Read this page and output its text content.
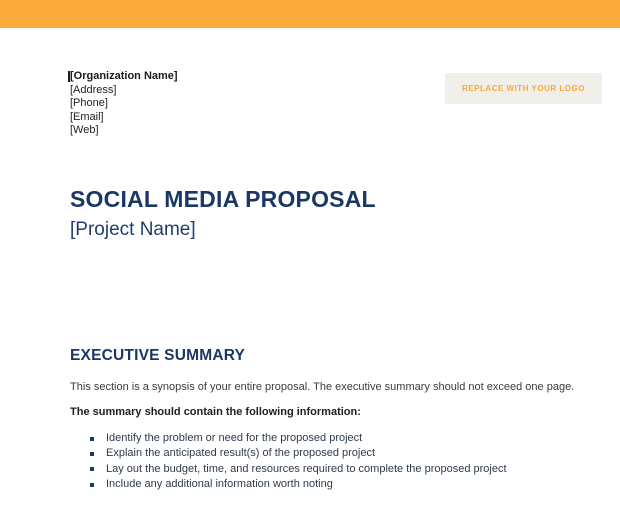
[Organization Name]
[Address]
[Phone]
[Email]
[Web]
REPLACE WITH YOUR LOGO
SOCIAL MEDIA PROPOSAL
[Project Name]
EXECUTIVE SUMMARY

This section is a synopsis of your entire proposal. The executive summary should not exceed one page.

The summary should contain the following information:

Identify the problem or need for the proposed project
Explain the anticipated result(s) of the proposed project
Lay out the budget, time, and resources required to complete the proposed project
Include any additional information worth noting
